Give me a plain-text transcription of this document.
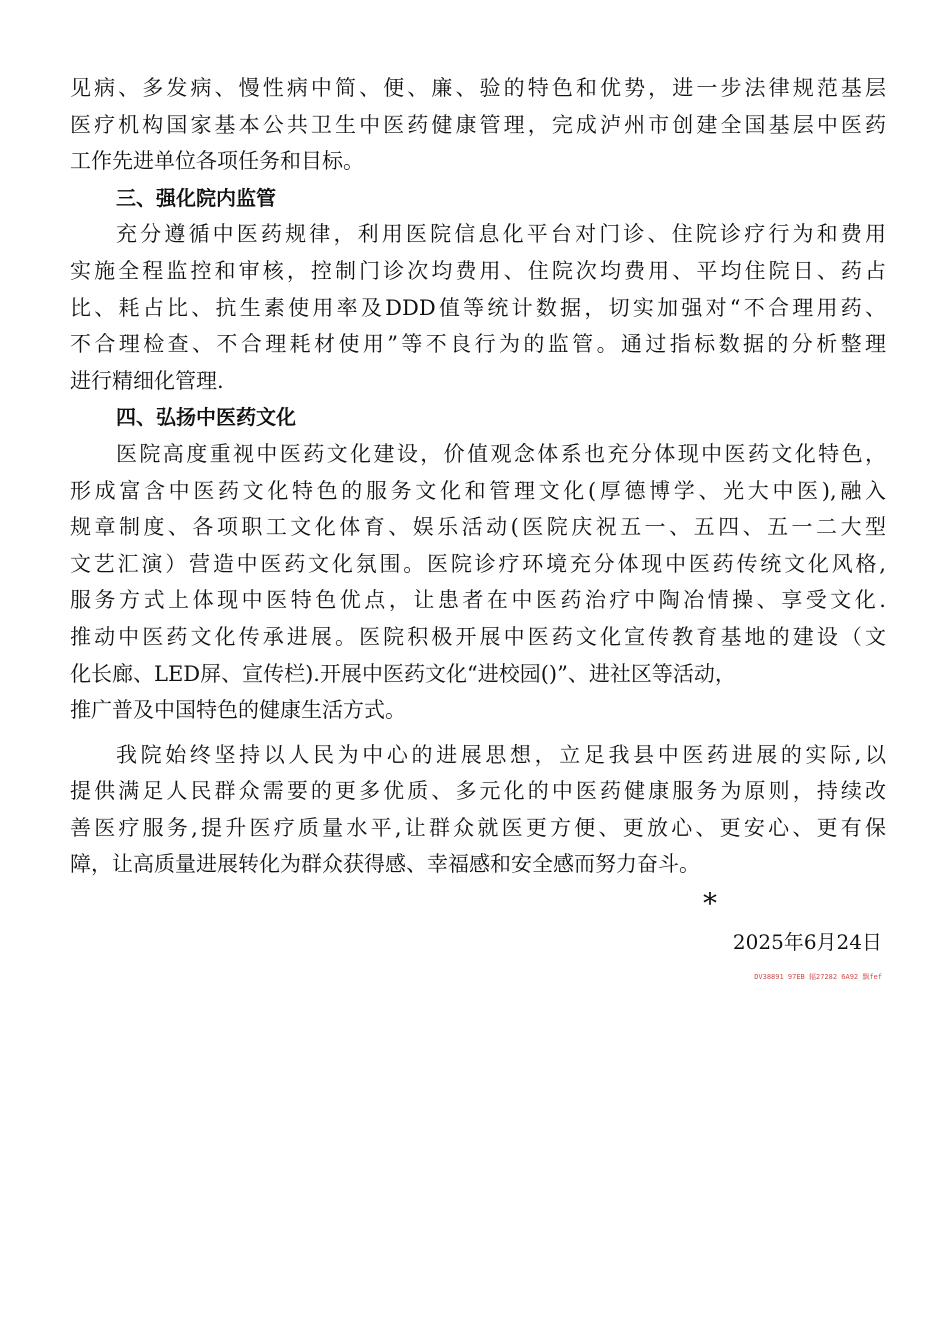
见病、多发病、慢性病中简、便、廉、验的特色和优势，进一步法律规范基层
医疗机构国家基本公共卫生中医药健康管理，完成泸州市创建全国基层中医药
工作先进单位各项任务和目标。
三、强化院内监管
充分遵循中医药规律，利用医院信息化平台对门诊、住院诊疗行为和费用
实施全程监控和审核，控制门诊次均费用、住院次均费用、平均住院日、药占
比、耗占比、抗生素使用率及DDD值等统计数据，切实加强对“不合理用药、
不合理检查、不合理耗材使用”等不良行为的监管。通过指标数据的分析整理
进行精细化管理.
四、弘扬中医药文化
医院高度重视中医药文化建设，价值观念体系也充分体现中医药文化特色，
形成富含中医药文化特色的服务文化和管理文化(厚德博学、光大中医),融入
规章制度、各项职工文化体育、娱乐活动(医院庆祝五一、五四、五一二大型
文艺汇演）营造中医药文化氛围。医院诊疗环境充分体现中医药传统文化风格,
服务方式上体现中医特色优点，让患者在中医药治疗中陶冶情操、享受文化.
推动中医药文化传承进展。医院积极开展中医药文化宣传教育基地的建设（文
化长廊、LED屏、宣传栏).开展中医药文化“进校园()”、进社区等活动，
推广普及中国特色的健康生活方式。
我院始终坚持以人民为中心的进展思想，立足我县中医药进展的实际,以
提供满足人民群众需要的更多优质、多元化的中医药健康服务为原则，持续改
善医疗服务,提升医疗质量水平,让群众就医更方便、更放心、更安心、更有保
障，让高质量进展转化为群众获得感、幸福感和安全感而努力奋斗。
*
2025年6月24日
DV38891 97EB 辐27282 6A92 飘fef
